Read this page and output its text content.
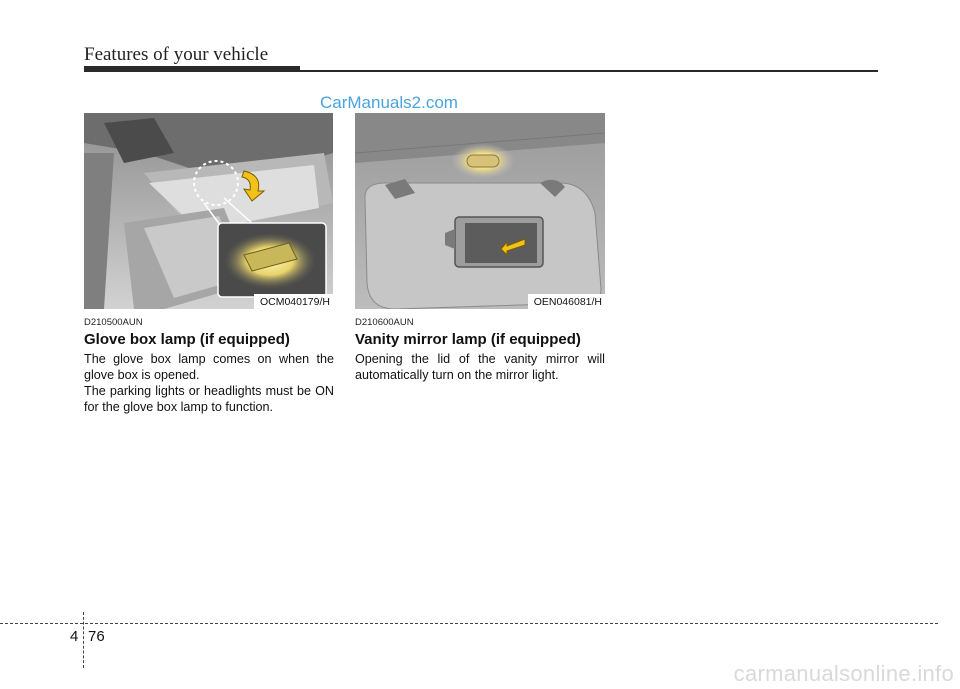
Features of your vehicle
CarManuals2.com
OCM040179/H	OEN046081/H
D210500AUN
Glove box lamp (if equipped)

The glove box lamp comes on when the glove box is opened.

The parking lights or headlights must be ON for the glove box lamp to function.

D210600AUN
Vanity mirror lamp (if equipped)

Opening the lid of the vanity mirror will automatically turn on the mirror light.

4 76
carmanualsonline.info
